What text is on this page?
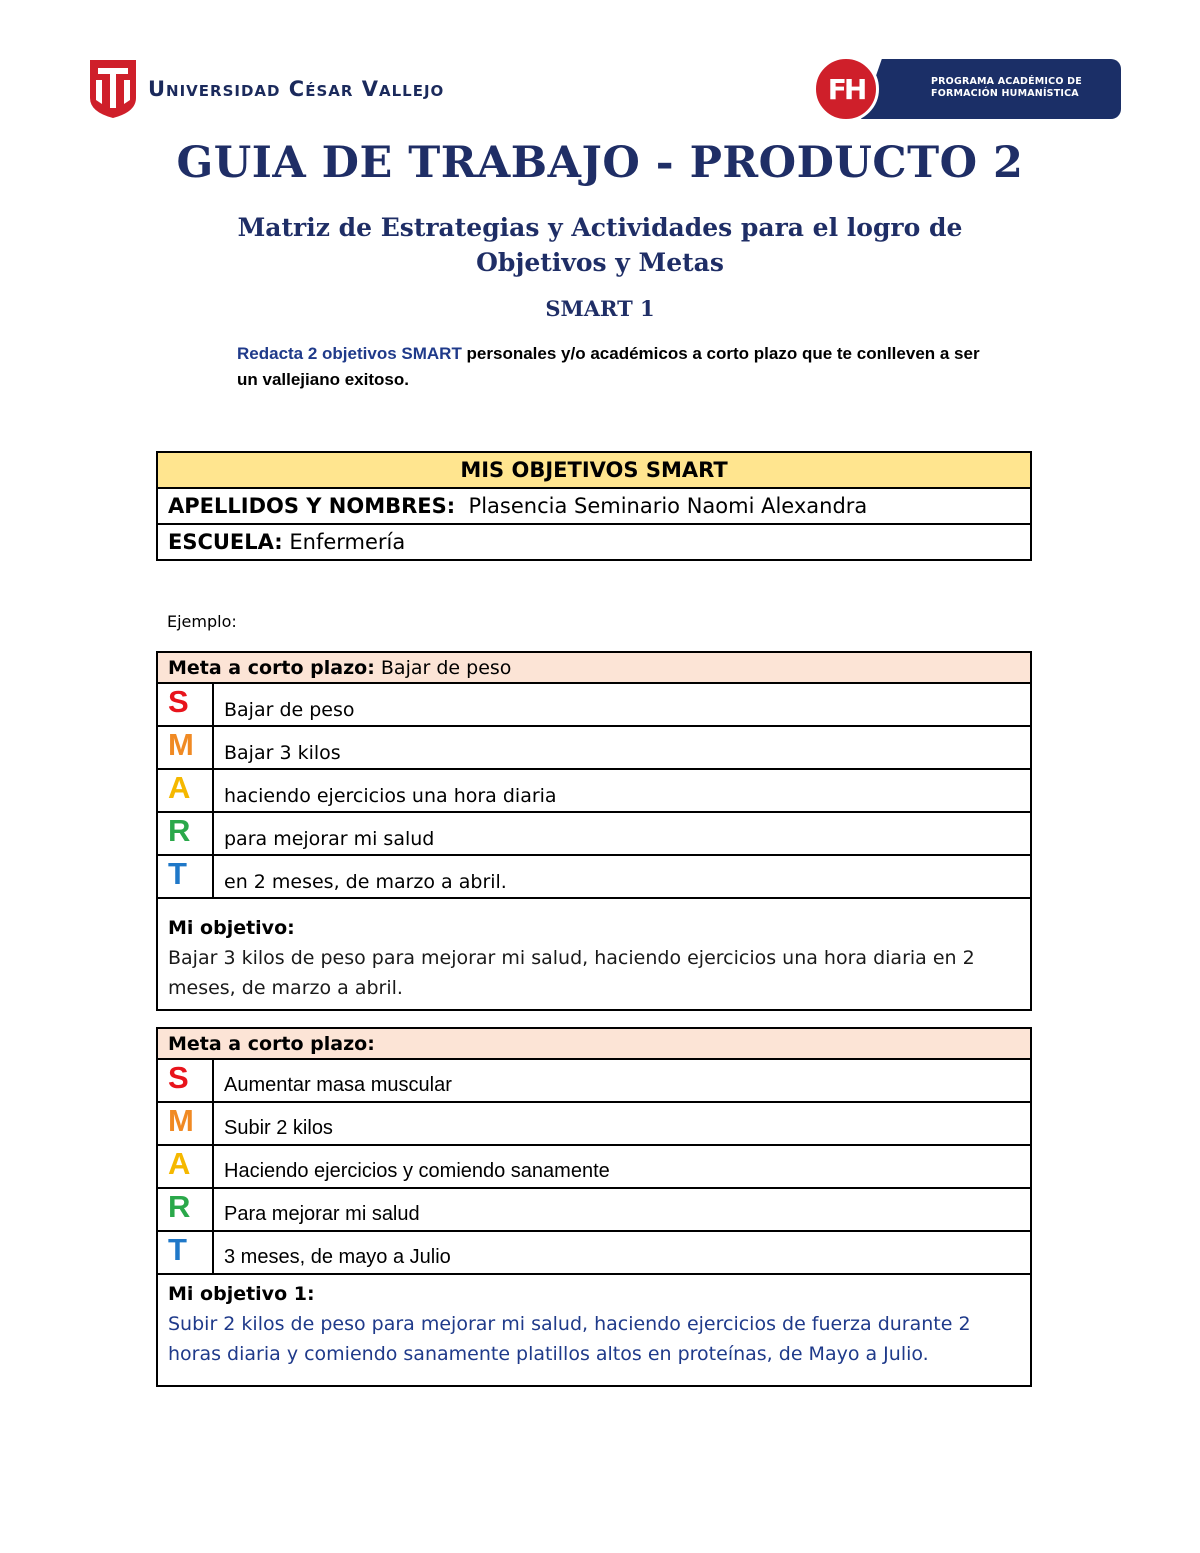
Universidad César Vallejo	FH	PROGRAMA ACADÉMICO DE
FORMACIÓN HUMANÍSTICA
GUIA DE TRABAJO - PRODUCTO 2
Matriz de Estrategias y Actividades para el logro de Objetivos y Metas
SMART 1
Redacta 2 objetivos SMART personales y/o académicos a corto plazo que te conlleven a ser un vallejiano exitoso.
MIS OBJETIVOS SMART
APELLIDOS Y NOMBRES: Plasencia Seminario Naomi Alexandra
ESCUELA: Enfermería
Ejemplo:
Meta a corto plazo: Bajar de peso	
S	Bajar de peso
M	Bajar 3 kilos
A	haciendo ejercicios una hora diaria
R	para mejorar mi salud
T	en 2 meses, de marzo a abril.

Mi objetivo:
Bajar 3 kilos de peso para mejorar mi salud, haciendo ejercicios una hora diaria en 2 meses, de marzo a abril.	
Meta a corto plazo:	
S	Aumentar masa muscular
M	Subir 2 kilos
A	Haciendo ejercicios y comiendo sanamente
R	Para mejorar mi salud
T	3 meses, de mayo a Julio

Mi objetivo 1:
Subir 2 kilos de peso para mejorar mi salud, haciendo ejercicios de fuerza durante 2 horas diaria y comiendo sanamente platillos altos en proteínas, de Mayo a Julio.	
